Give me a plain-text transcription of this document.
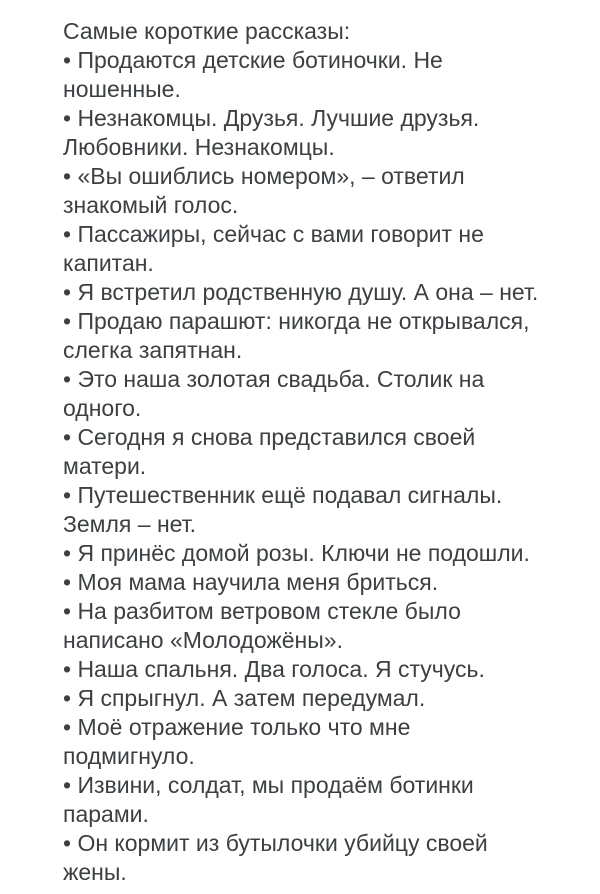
Самые короткие рассказы:

• Продаются детские ботиночки. Не ношенные.

• Незнакомцы. Друзья. Лучшие друзья. Любовники. Незнакомцы.

• «Вы ошиблись номером», – ответил знакомый голос.

• Пассажиры, сейчас с вами говорит не капитан.

• Я встретил родственную душу. А она – нет.

• Продаю парашют: никогда не открывался, слегка запятнан.

• Это наша золотая свадьба. Столик на одного.

• Сегодня я снова представился своей матери.

• Путешественник ещё подавал сигналы. Земля – нет.

• Я принёс домой розы. Ключи не подошли.

• Моя мама научила меня бриться.

• На разбитом ветровом стекле было написано «Молодожёны».

• Наша спальня. Два голоса. Я стучусь.

• Я спрыгнул. А затем передумал.

• Моё отражение только что мне подмигнуло.

• Извини, солдат, мы продаём ботинки парами.

• Он кормит из бутылочки убийцу своей жены.
